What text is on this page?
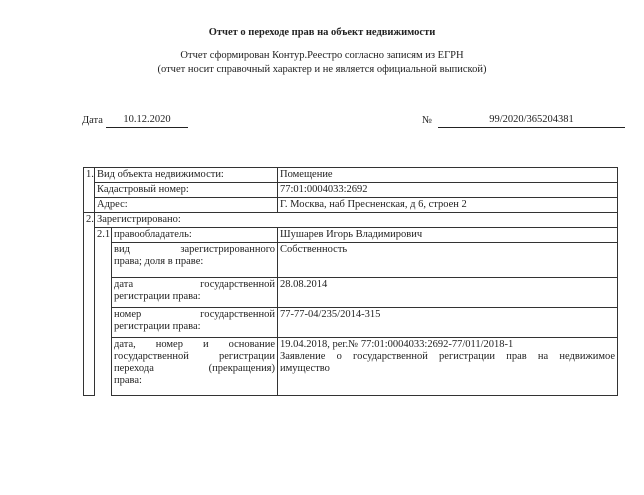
Отчет о переходе прав на объект недвижимости
Отчет сформирован Контур.Реестро согласно записям из ЕГРН
(отчет носит справочный характер и не является официальной выпиской)
Дата	10.12.2020	№	99/2020/365204381
1.	Вид объекта недвижимости:		Помещение
	Кадастровый номер:		77:01:0004033:2692
	Адрес:		Г. Москва, наб Пресненская, д 6, строен 2
2.	Зарегистрировано:		
	2.1	правообладатель:	Шушарев Игорь Владимирович

		вид зарегистрированного
права; доля в праве:	Собственность

		дата государственной
регистрации права:	28.08.2014

		номер государственной
регистрации права:	77-77-04/235/2014-315

		дата, номер и основание
государственной регистрации
перехода (прекращения)
права:	19.04.2018, рег.№ 77:01:0004033:2692-77/011/2018-1
Заявление о государственной регистрации прав на недвижимое
имущество
